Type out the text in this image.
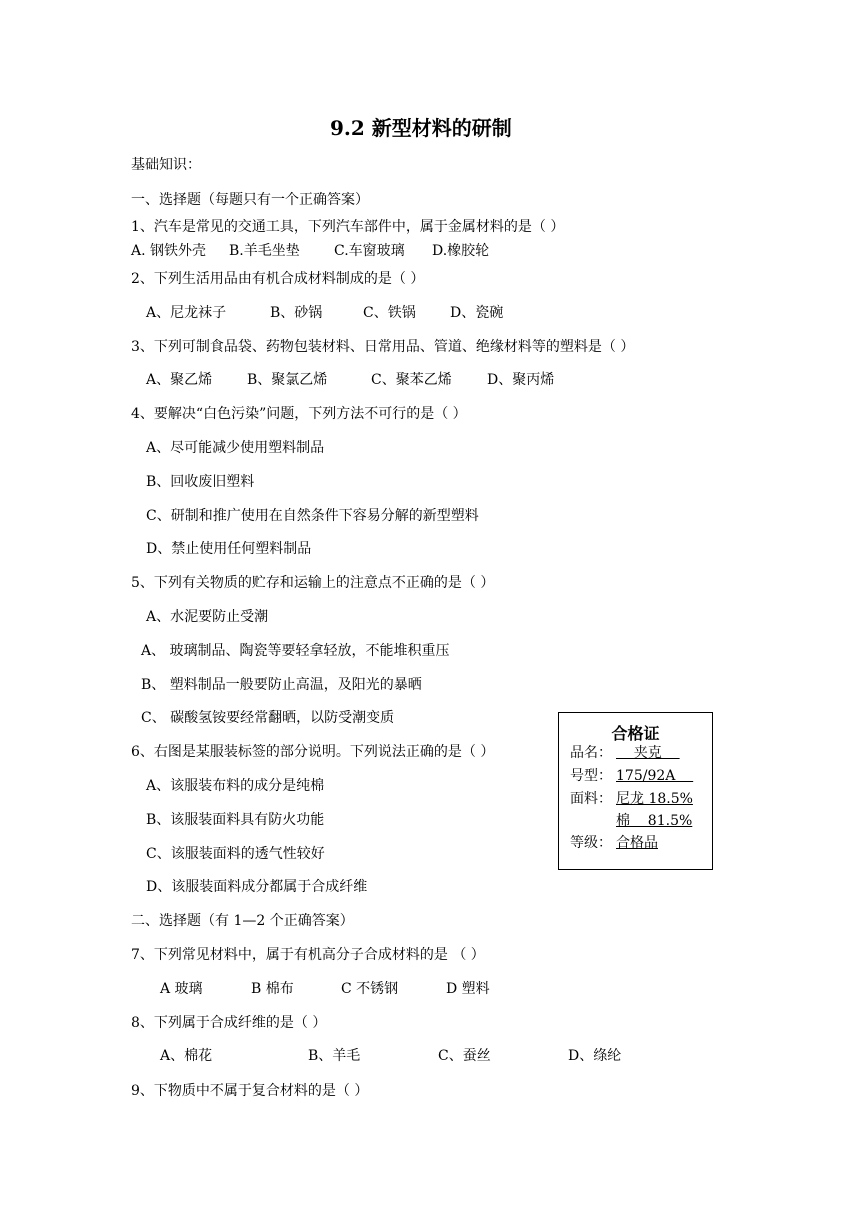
9.2 新型材料的研制
基础知识：
一、选择题（每题只有一个正确答案）
1、汽车是常见的交通工具，下列汽车部件中，属于金属材料的是（ ）
A. 钢铁外壳 B.羊毛坐垫 C.车窗玻璃 D.橡胶轮
2、下列生活用品由有机合成材料制成的是（ ）
A、尼龙袜子	B、砂锅	C、铁锅 D、瓷碗
3、下列可制食品袋、药物包装材料、日常用品、管道、绝缘材料等的塑料是（ ）
A、聚乙烯 B、聚氯乙烯	C、聚苯乙烯	D、聚丙烯
4、要解决“白色污染”问题，下列方法不可行的是（ ）
A、尽可能减少使用塑料制品
B、回收废旧塑料
C、研制和推广使用在自然条件下容易分解的新型塑料
D、禁止使用任何塑料制品
5、下列有关物质的贮存和运输上的注意点不正确的是（ ）
A、水泥要防止受潮
A、 玻璃制品、陶瓷等要轻拿轻放，不能堆积重压
B、 塑料制品一般要防止高温，及阳光的暴晒
C、 碳酸氢铵要经常翻晒，以防受潮变质
6、右图是某服装标签的部分说明。下列说法正确的是（ ）
A、该服装布料的成分是纯棉
B、该服装面料具有防火功能
C、该服装面料的透气性较好
D、该服装面料成分都属于合成纤维
合格证
品名： 夹克
号型： 175/92A
面料： 尼龙 18.5%
棉    81.5%
等级： 合格品
二、选择题（有 1—2 个正确答案）
7、下列常见材料中，属于有机高分子合成材料的是 （ ）
A 玻璃	B 棉布	C 不锈钢	D 塑料
8、下列属于合成纤维的是（ ）
A、棉花	B、羊毛	C、蚕丝	D、绦纶
9、下物质中不属于复合材料的是（ ）
